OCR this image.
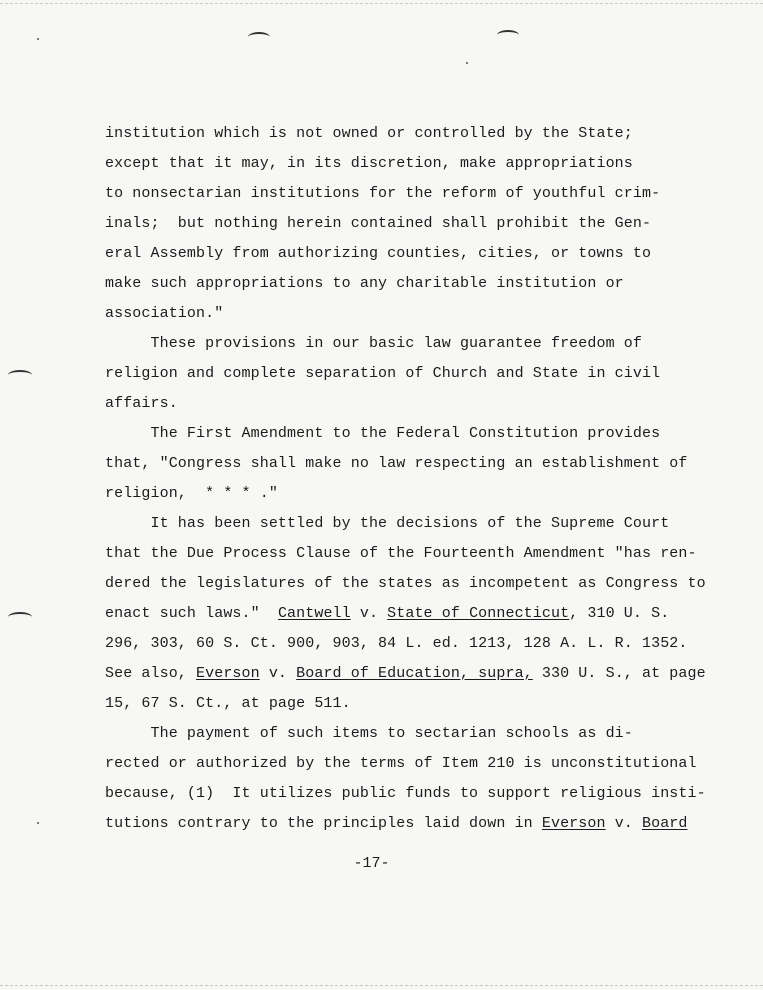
institution which is not owned or controlled by the State;
except that it may, in its discretion, make appropriations
to nonsectarian institutions for the reform of youthful crim-
inals;  but nothing herein contained shall prohibit the Gen-
eral Assembly from authorizing counties, cities, or towns to
make such appropriations to any charitable institution or
association."
These provisions in our basic law guarantee freedom of
religion and complete separation of Church and State in civil
affairs.
The First Amendment to the Federal Constitution provides
that, "Congress shall make no law respecting an establishment of
religion,  * * * ."
It has been settled by the decisions of the Supreme Court
that the Due Process Clause of the Fourteenth Amendment "has ren-
dered the legislatures of the states as incompetent as Congress to
enact such laws."  Cantwell v. State of Connecticut, 310 U. S.
296, 303, 60 S. Ct. 900, 903, 84 L. ed. 1213, 128 A. L. R. 1352.
See also, Everson v. Board of Education, supra, 330 U. S., at page
15, 67 S. Ct., at page 511.
The payment of such items to sectarian schools as di-
rected or authorized by the terms of Item 210 is unconstitutional
because, (1)  It utilizes public funds to support religious insti-
tutions contrary to the principles laid down in Everson v. Board
-17-
